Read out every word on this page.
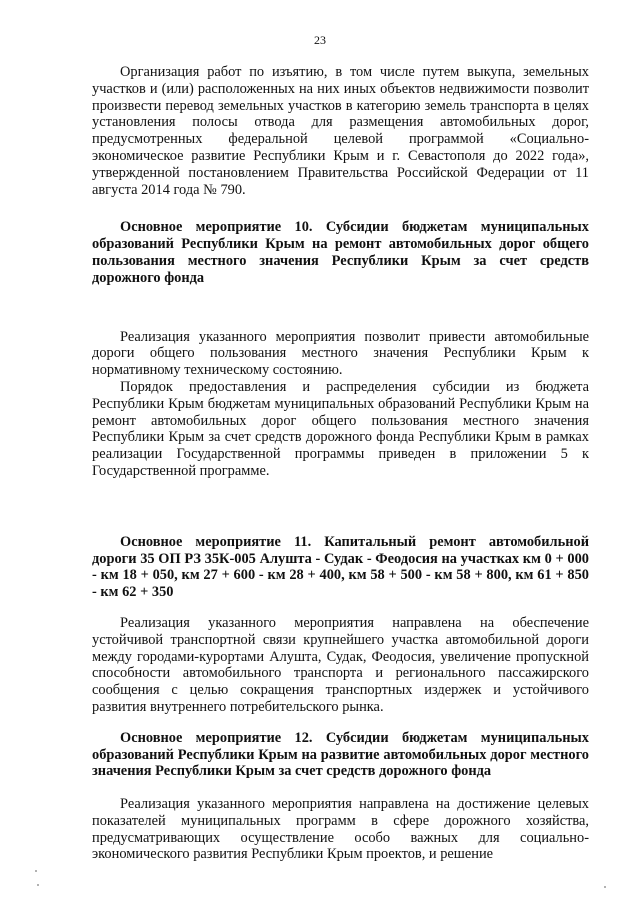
23

Организация работ по изъятию, в том числе путем выкупа, земельных участков и (или) расположенных на них иных объектов недвижимости позволит произвести перевод земельных участков в категорию земель транспорта в целях установления полосы отвода для размещения автомобильных дорог, предусмотренных федеральной целевой программой «Социально-экономическое развитие Республики Крым и г. Севастополя до 2022 года», утвержденной постановлением Правительства Российской Федерации от 11 августа 2014 года № 790.

Основное мероприятие 10. Субсидии бюджетам муниципальных образований Республики Крым на ремонт автомобильных дорог общего пользования местного значения Республики Крым за счет средств дорожного фонда

Реализация указанного мероприятия позволит привести автомобильные дороги общего пользования местного значения Республики Крым к нормативному техническому состоянию.

Порядок предоставления и распределения субсидии из бюджета Республики Крым бюджетам муниципальных образований Республики Крым на ремонт автомобильных дорог общего пользования местного значения Республики Крым за счет средств дорожного фонда Республики Крым в рамках реализации Государственной программы приведен в приложении 5 к Государственной программе.

Основное мероприятие 11. Капитальный ремонт автомобильной дороги 35 ОП РЗ 35К-005 Алушта - Судак - Феодосия на участках км 0 + 000 - км 18 + 050, км 27 + 600 - км 28 + 400, км 58 + 500 - км 58 + 800, км 61 + 850 - км 62 + 350

Реализация указанного мероприятия направлена на обеспечение устойчивой транспортной связи крупнейшего участка автомобильной дороги между городами-курортами Алушта, Судак, Феодосия, увеличение пропускной способности автомобильного транспорта и регионального пассажирского сообщения с целью сокращения транспортных издержек и устойчивого развития внутреннего потребительского рынка.

Основное мероприятие 12. Субсидии бюджетам муниципальных образований Республики Крым на развитие автомобильных дорог местного значения Республики Крым за счет средств дорожного фонда

Реализация указанного мероприятия направлена на достижение целевых показателей муниципальных программ в сфере дорожного хозяйства, предусматривающих осуществление особо важных для социально-экономического развития Республики Крым проектов, и решение
